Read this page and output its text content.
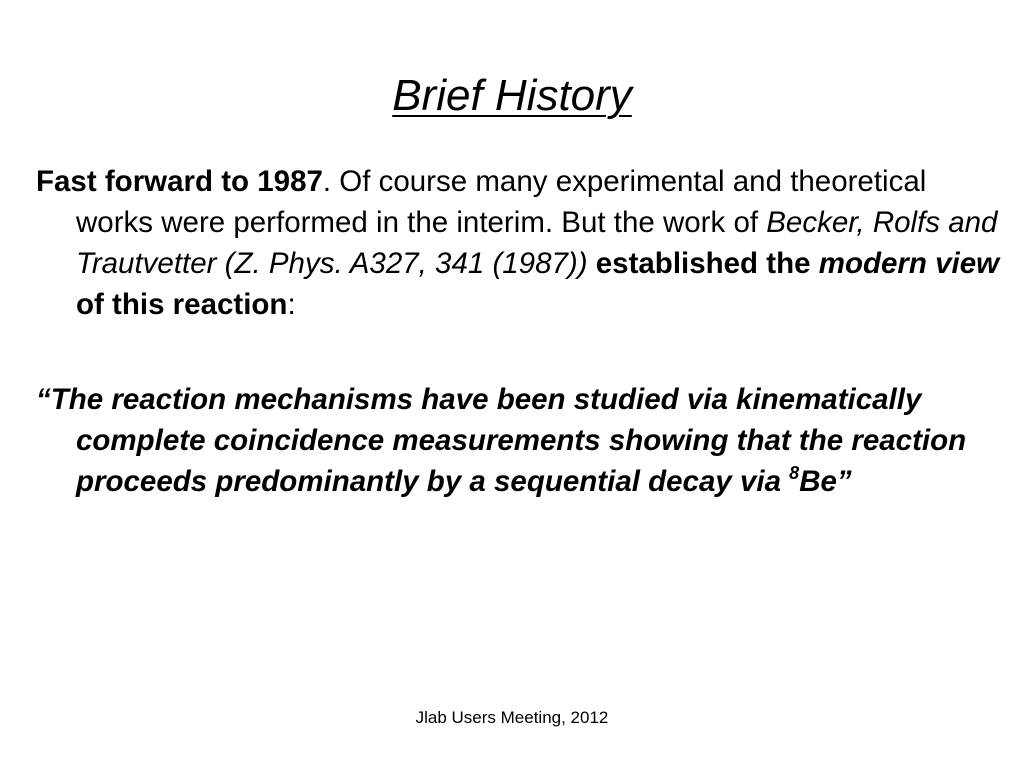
Brief History

Fast forward to 1987. Of course many experimental and theoretical works were performed in the interim. But the work of Becker, Rolfs and Trautvetter (Z. Phys. A327, 341 (1987)) established the modern view of this reaction:

“The reaction mechanisms have been studied via kinematically complete coincidence measurements showing that the reaction proceeds predominantly by a sequential decay via $^8$Be”

Jlab Users Meeting, 2012
